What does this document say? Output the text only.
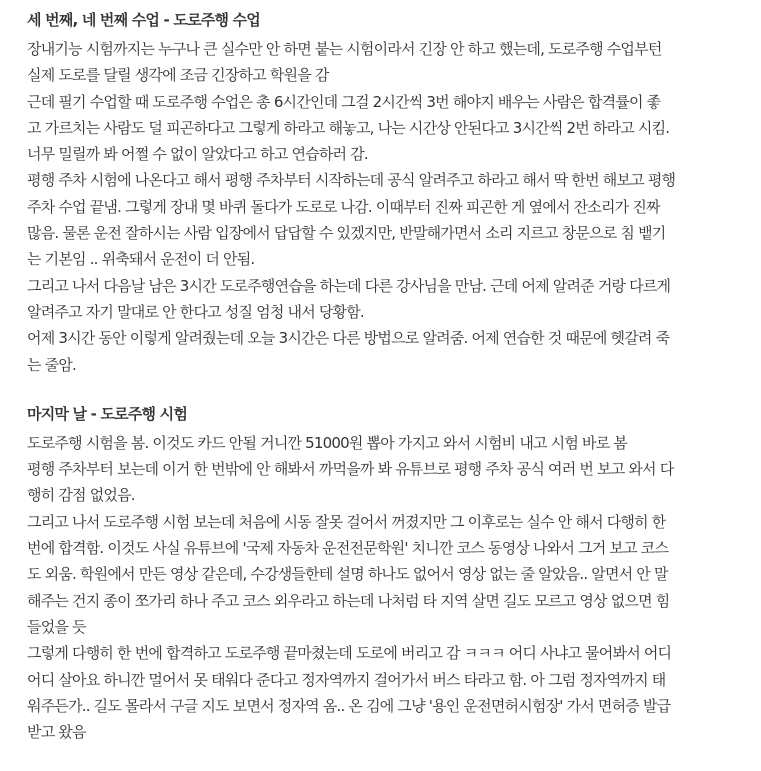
세 번째, 네 번째 수업 - 도로주행 수업

장내기능 시험까지는 누구나 큰 실수만 안 하면 붙는 시험이라서 긴장 안 하고 했는데, 도로주행 수업부턴
실제 도로를 달릴 생각에 조금 긴장하고 학원을 감

근데 필기 수업할 때 도로주행 수업은 총 6시간인데 그걸 2시간씩 3번 해야지 배우는 사람은 합격률이 좋
고 가르치는 사람도 덜 피곤하다고 그렇게 하라고 해놓고, 나는 시간상 안된다고 3시간씩 2번 하라고 시킴.
너무 밀릴까 봐 어쩔 수 없이 알았다고 하고 연습하러 감.

평행 주차 시험에 나온다고 해서 평행 주차부터 시작하는데 공식 알려주고 하라고 해서 딱 한번 해보고 평행
주차 수업 끝냄. 그렇게 장내 몇 바퀴 돌다가 도로로 나감. 이때부터 진짜 피곤한 게 옆에서 잔소리가 진짜
많음. 물론 운전 잘하시는 사람 입장에서 답답할 수 있겠지만, 반말해가면서 소리 지르고 창문으로 침 뱉기
는 기본임 .. 위축돼서 운전이 더 안됨.

그리고 나서 다음날 남은 3시간 도로주행연습을 하는데 다른 강사님을 만남. 근데 어제 알려준 거랑 다르게
알려주고 자기 말대로 안 한다고 성질 엄청 내서 당황함.

어제 3시간 동안 이렇게 알려줬는데 오늘 3시간은 다른 방법으로 알려줌. 어제 연습한 것 때문에 헷갈려 죽
는 줄암.

마지막 날 - 도로주행 시험

도로주행 시험을 봄. 이것도 카드 안될 거니깐 51000원 뽑아 가지고 와서 시험비 내고 시험 바로 봄

평행 주차부터 보는데 이거 한 번밖에 안 해봐서 까먹을까 봐 유튜브로 평행 주차 공식 여러 번 보고 와서 다
행히 감점 없었음.

그리고 나서 도로주행 시험 보는데 처음에 시동 잘못 걸어서 꺼졌지만 그 이후로는 실수 안 해서 다행히 한
번에 합격함. 이것도 사실 유튜브에 '국제 자동차 운전전문학원' 치니깐 코스 동영상 나와서 그거 보고 코스
도 외움. 학원에서 만든 영상 같은데, 수강생들한테 설명 하나도 없어서 영상 없는 줄 알았음.. 알면서 안 말
해주는 건지 종이 쪼가리 하나 주고 코스 외우라고 하는데 나처럼 타 지역 살면 길도 모르고 영상 없으면 힘
들었을 듯

그렇게 다행히 한 번에 합격하고 도로주행 끝마쳤는데 도로에 버리고 감 ㅋㅋㅋ 어디 사냐고 물어봐서 어디
어디 살아요 하니깐 멀어서 못 태워다 준다고 정자역까지 걸어가서 버스 타라고 함. 아 그럼 정자역까지 태
워주든가.. 길도 몰라서 구글 지도 보면서 정자역 옴.. 온 김에 그냥 '용인 운전면허시험장' 가서 면허증 발급
받고 왔음
